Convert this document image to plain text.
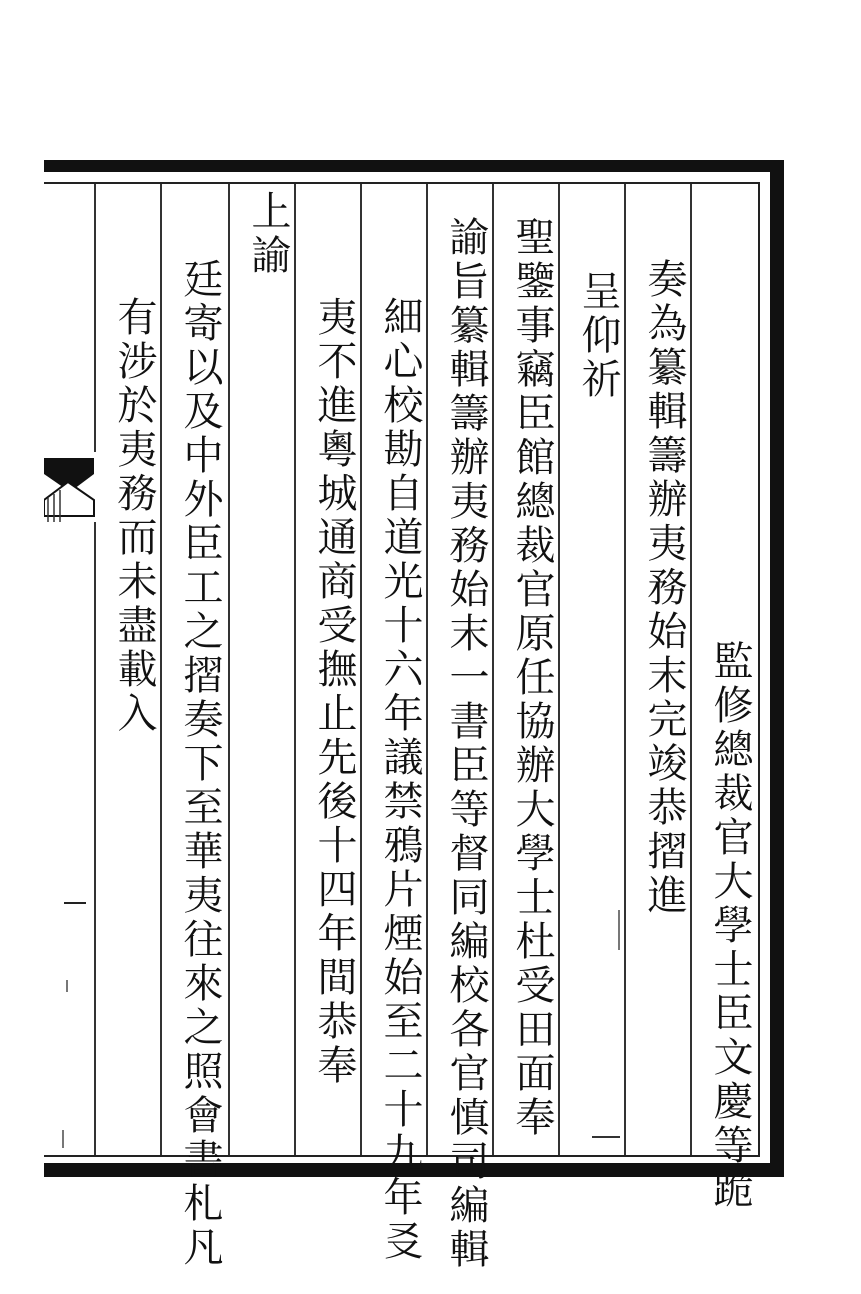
監修總裁官大學士臣文慶等跪
奏為纂輯籌辦夷務始末完竣恭摺進
呈仰祈
聖鑒事竊臣館總裁官原任協辦大學士杜受田面奉
諭旨纂輯籌辦夷務始末一書臣等督同編校各官慎司編輯
細心校勘自道光十六年議禁鴉片煙始至二十九年㕛
夷不進粵城通商受撫止先後十四年間恭奉
上諭
廷寄以及中外臣工之摺奏下至華夷往來之照會書札凡
有涉於夷務而未盡載入
